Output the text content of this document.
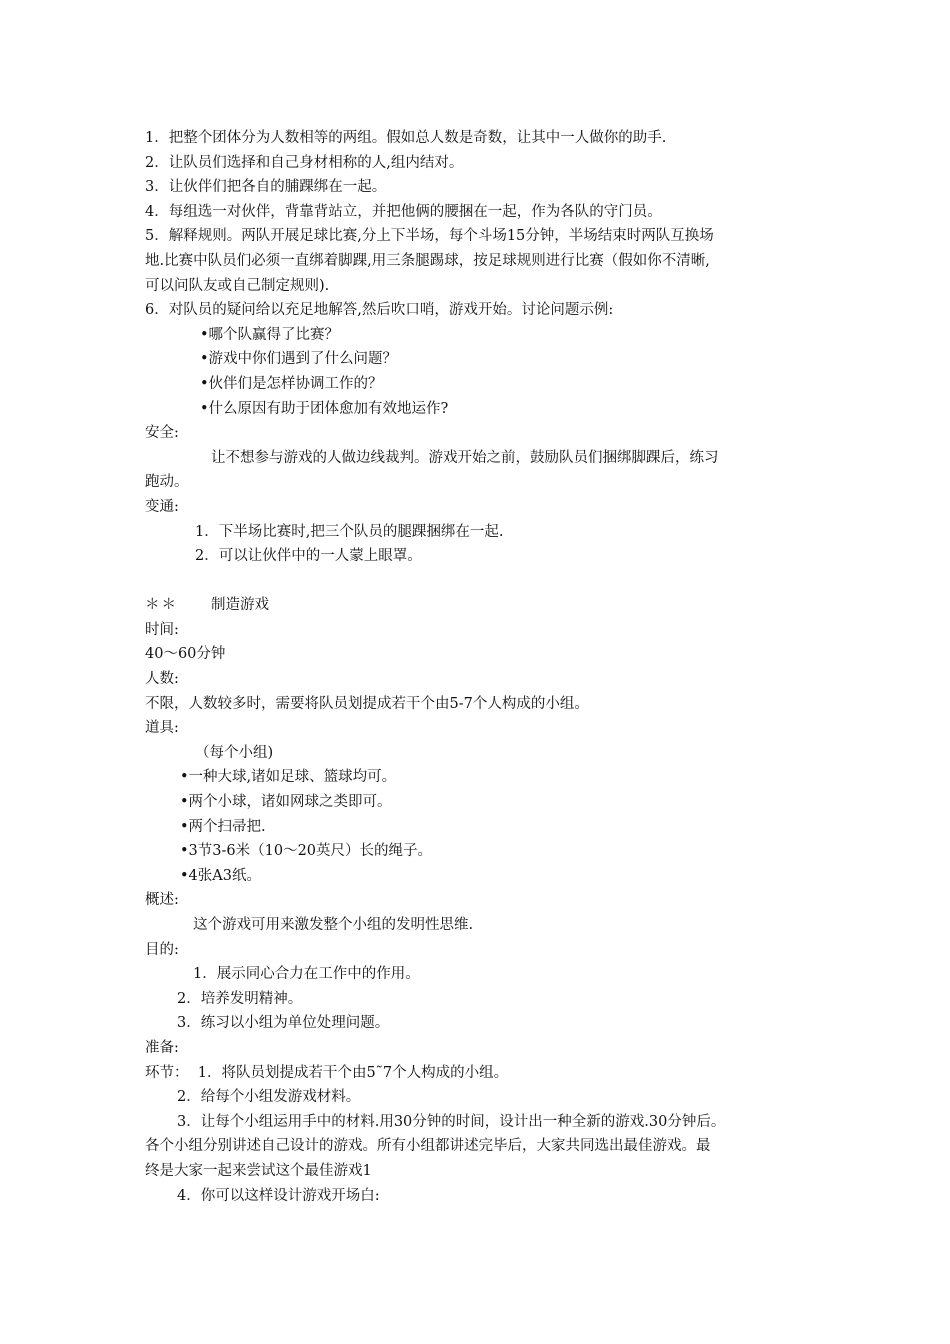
1．把整个团体分为人数相等的两组。假如总人数是奇数，让其中一人做你的助手.

2．让队员们选择和自己身材相称的人,组内结对。

3．让伙伴们把各自的脯踝绑在一起。

4．每组选一对伙伴，背靠背站立，并把他俩的腰捆在一起，作为各队的守门员。

5．解释规则。两队开展足球比赛,分上下半场，每个斗场15分钟，半场结束时两队互换场

地.比赛中队员们必须一直绑着脚踝,用三条腿踢球，按足球规则进行比赛（假如你不清晰,

可以问队友或自己制定规则).

6．对队员的疑问给以充足地解答,然后吹口哨，游戏开始。讨论问题示例:

•哪个队赢得了比赛？

•游戏中你们遇到了什么问题？

•伙伴们是怎样协调工作的？

•什么原因有助于团体愈加有效地运作?

安全:

让不想参与游戏的人做边线裁判。游戏开始之前，鼓励队员们捆绑脚踝后，练习

跑动。

变通:

1．下半场比赛时,把三个队员的腿踝捆绑在一起.

2．可以让伙伴中的一人蒙上眼罩。

＊＊ 制造游戏

时间:

40～60分钟

人数:

不限，人数较多时，需要将队员划提成若干个由5-7个人构成的小组。

道具:

（每个小组)

•一种大球,诸如足球、篮球均可。

•两个小球，诸如网球之类即可。

•两个扫帚把.

•3节3-6米（10～20英尺）长的绳子。

•4张A3纸。

概述:

这个游戏可用来激发整个小组的发明性思维.

目的:

1．展示同心合力在工作中的作用。

2．培养发明精神。

3．练习以小组为单位处理问题。

准备:

环节：  1．将队员划提成若干个由5˜7个人构成的小组。

2．给每个小组发游戏材料。

3．让每个小组运用手中的材料.用30分钟的时间，设计出一种全新的游戏.30分钟后。

各个小组分别讲述自己设计的游戏。所有小组都讲述完毕后，大家共同选出最佳游戏。最

终是大家一起来尝试这个最佳游戏1

4．你可以这样设计游戏开场白:
